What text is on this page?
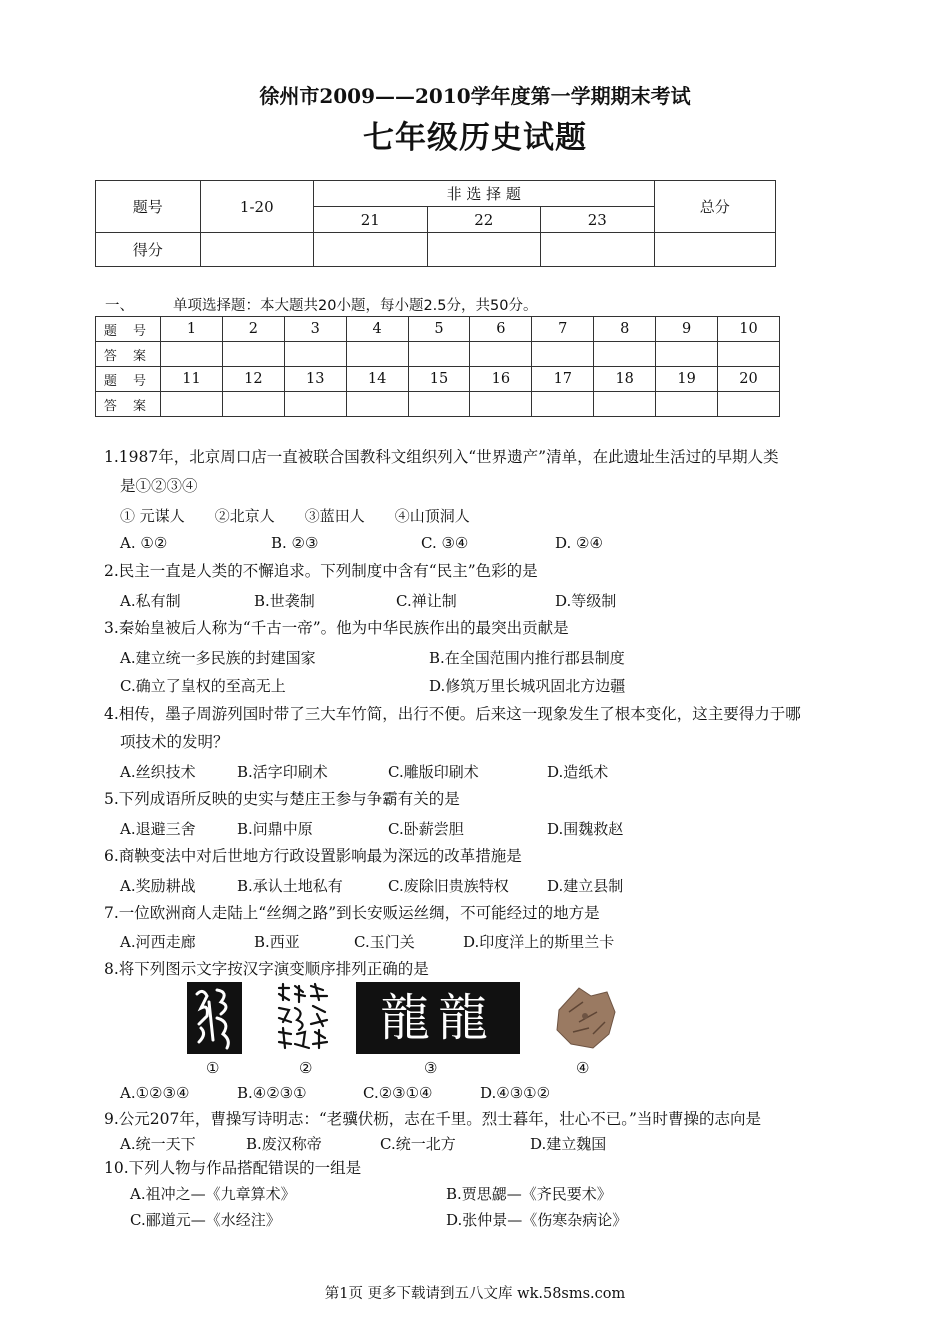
徐州市2009——2010学年度第一学期期末考试
七年级历史试题
题号	1-20	非 选 择 题			总分
		21	22	23	
得分					
一、	单项选择题：本大题共20小题，每小题2.5分，共50分。
题 号	1	2	3	4	5	6	7	8	9	10
答 案										
题 号	11	12	13	14	15	16	17	18	19	20
答 案										
1.1987年，北京周口店一直被联合国教科文组织列入“世界遗产”清单，在此遗址生活过的早期人类
是①②③④
① 元谋人　　②北京人　　③蓝田人　　④山顶洞人
A. ①②	B. ②③	C. ③④	D. ②④
2.民主一直是人类的不懈追求。下列制度中含有“民主”色彩的是
A.私有制	B.世袭制	C.禅让制	D.等级制
3.秦始皇被后人称为“千古一帝”。他为中华民族作出的最突出贡献是
A.建立统一多民族的封建国家	B.在全国范围内推行郡县制度
C.确立了皇权的至高无上	D.修筑万里长城巩固北方边疆
4.相传，墨子周游列国时带了三大车竹简，出行不便。后来这一现象发生了根本变化，这主要得力于哪
项技术的发明？
A.丝织技术	B.活字印刷术	C.雕版印刷术	D.造纸术
5.下列成语所反映的史实与楚庄王参与争霸有关的是
A.退避三舍	B.问鼎中原	C.卧薪尝胆	D.围魏救赵
6.商鞅变法中对后世地方行政设置影响最为深远的改革措施是
A.奖励耕战	B.承认土地私有	C.废除旧贵族特权	D.建立县制
7.一位欧洲商人走陆上“丝绸之路”到长安贩运丝绸，不可能经过的地方是
A.河西走廊	B.西亚	C.玉门关	D.印度洋上的斯里兰卡
8.将下列图示文字按汉字演变顺序排列正确的是
龍龍
①	②	③	④
A.①②③④	B.④②③①	C.②③①④	D.④③①②
9.公元207年，曹操写诗明志：“老骥伏枥，志在千里。烈士暮年，壮心不已。”当时曹操的志向是
A.统一天下	B.废汉称帝	C.统一北方	D.建立魏国
10.下列人物与作品搭配错误的一组是
A.祖冲之—《九章算术》	B.贾思勰—《齐民要术》
C.郦道元—《水经注》	D.张仲景—《伤寒杂病论》
第1页 更多下载请到五八文库 wk.58sms.com
